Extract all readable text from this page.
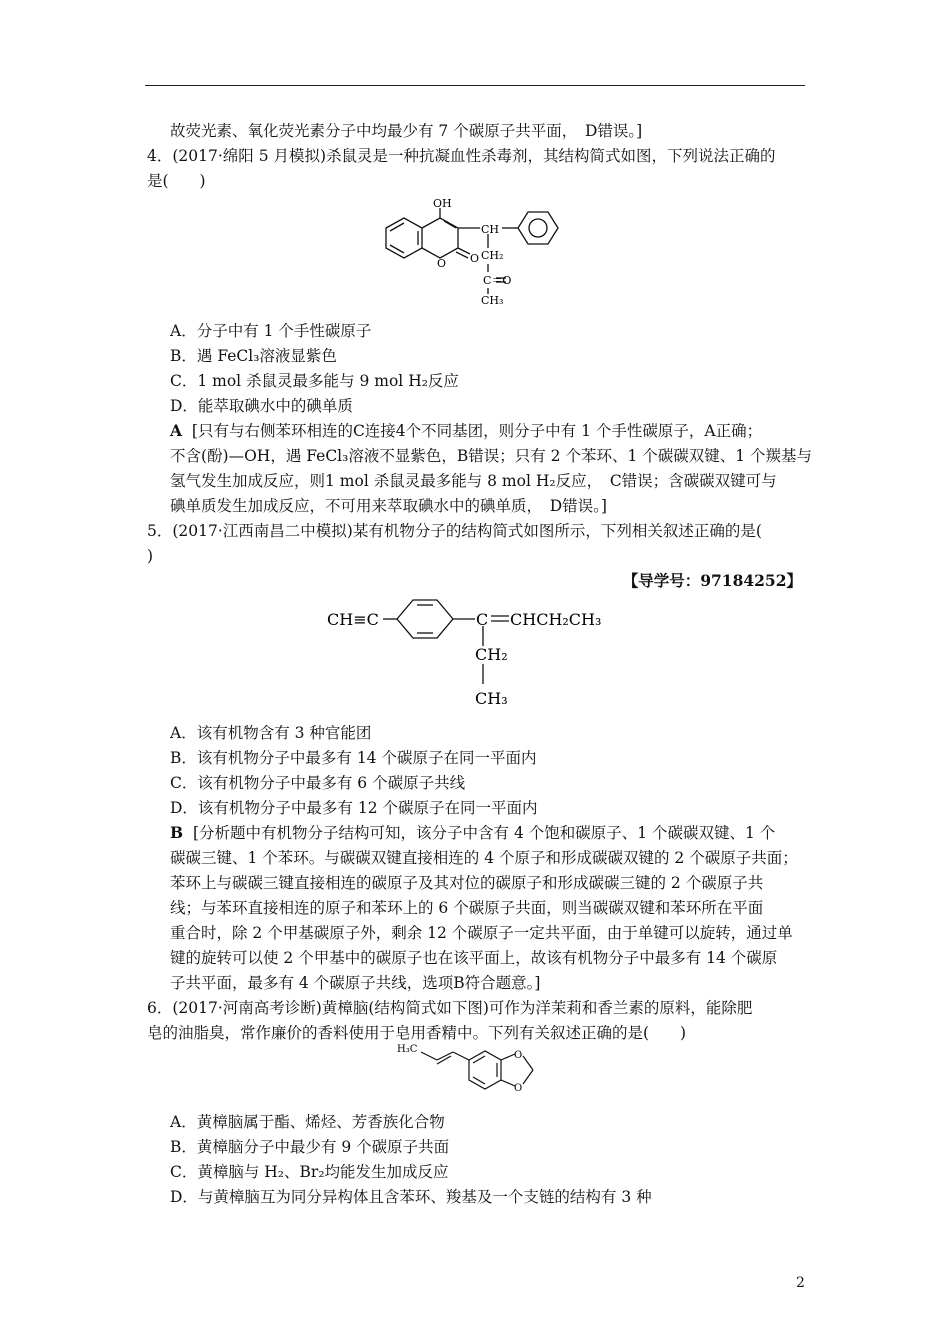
故荧光素、氧化荧光素分子中均最少有 7 个碳原子共平面，　D错误。]
4．(2017·绵阳 5 月模拟)杀鼠灵是一种抗凝血性杀毒剂，其结构简式如图，下列说法正确的
是(　　)
OH
O O
CH
CH₂
C＝O
CH₃
A．分子中有 1 个手性碳原子
B．遇 FeCl₃溶液显紫色
C．1 mol 杀鼠灵最多能与 9 mol H₂反应
D．能萃取碘水中的碘单质
A [只有与右侧苯环相连的C连接4个不同基团，则分子中有 1 个手性碳原子，A正确；
不含(酚)—OH，遇 FeCl₃溶液不显紫色，B错误；只有 2 个苯环、1 个碳碳双键、1 个羰基与
氢气发生加成反应，则1 mol 杀鼠灵最多能与 8 mol H₂反应，　C错误；含碳碳双键可与
碘单质发生加成反应，不可用来萃取碘水中的碘单质，　D错误。]
5．(2017·江西南昌二中模拟)某有机物分子的结构简式如图所示，下列相关叙述正确的是(
)
【导学号：97184252】
CH≡C	C CHCH₂CH₃
CH₂
CH₃
A．该有机物含有 3 种官能团
B．该有机物分子中最多有 14 个碳原子在同一平面内
C．该有机物分子中最多有 6 个碳原子共线
D．该有机物分子中最多有 12 个碳原子在同一平面内
B [分析题中有机物分子结构可知，该分子中含有 4 个饱和碳原子、1 个碳碳双键、1 个
碳碳三键、1 个苯环。与碳碳双键直接相连的 4 个原子和形成碳碳双键的 2 个碳原子共面；
苯环上与碳碳三键直接相连的碳原子及其对位的碳原子和形成碳碳三键的 2 个碳原子共
线；与苯环直接相连的原子和苯环上的 6 个碳原子共面，则当碳碳双键和苯环所在平面
重合时，除 2 个甲基碳原子外，剩余 12 个碳原子一定共平面，由于单键可以旋转，通过单
键的旋转可以使 2 个甲基中的碳原子也在该平面上，故该有机物分子中最多有 14 个碳原
子共平面，最多有 4 个碳原子共线，选项B符合题意。]
6．(2017·河南高考诊断)黄樟脑(结构简式如下图)可作为洋茉莉和香兰素的原料，能除肥
皂的油脂臭，常作廉价的香料使用于皂用香精中。下列有关叙述正确的是(　　)
H₃C
O
O
A．黄樟脑属于酯、烯烃、芳香族化合物
B．黄樟脑分子中最少有 9 个碳原子共面
C．黄樟脑与 H₂、Br₂均能发生加成反应
D．与黄樟脑互为同分异构体且含苯环、羧基及一个支链的结构有 3 种
2
